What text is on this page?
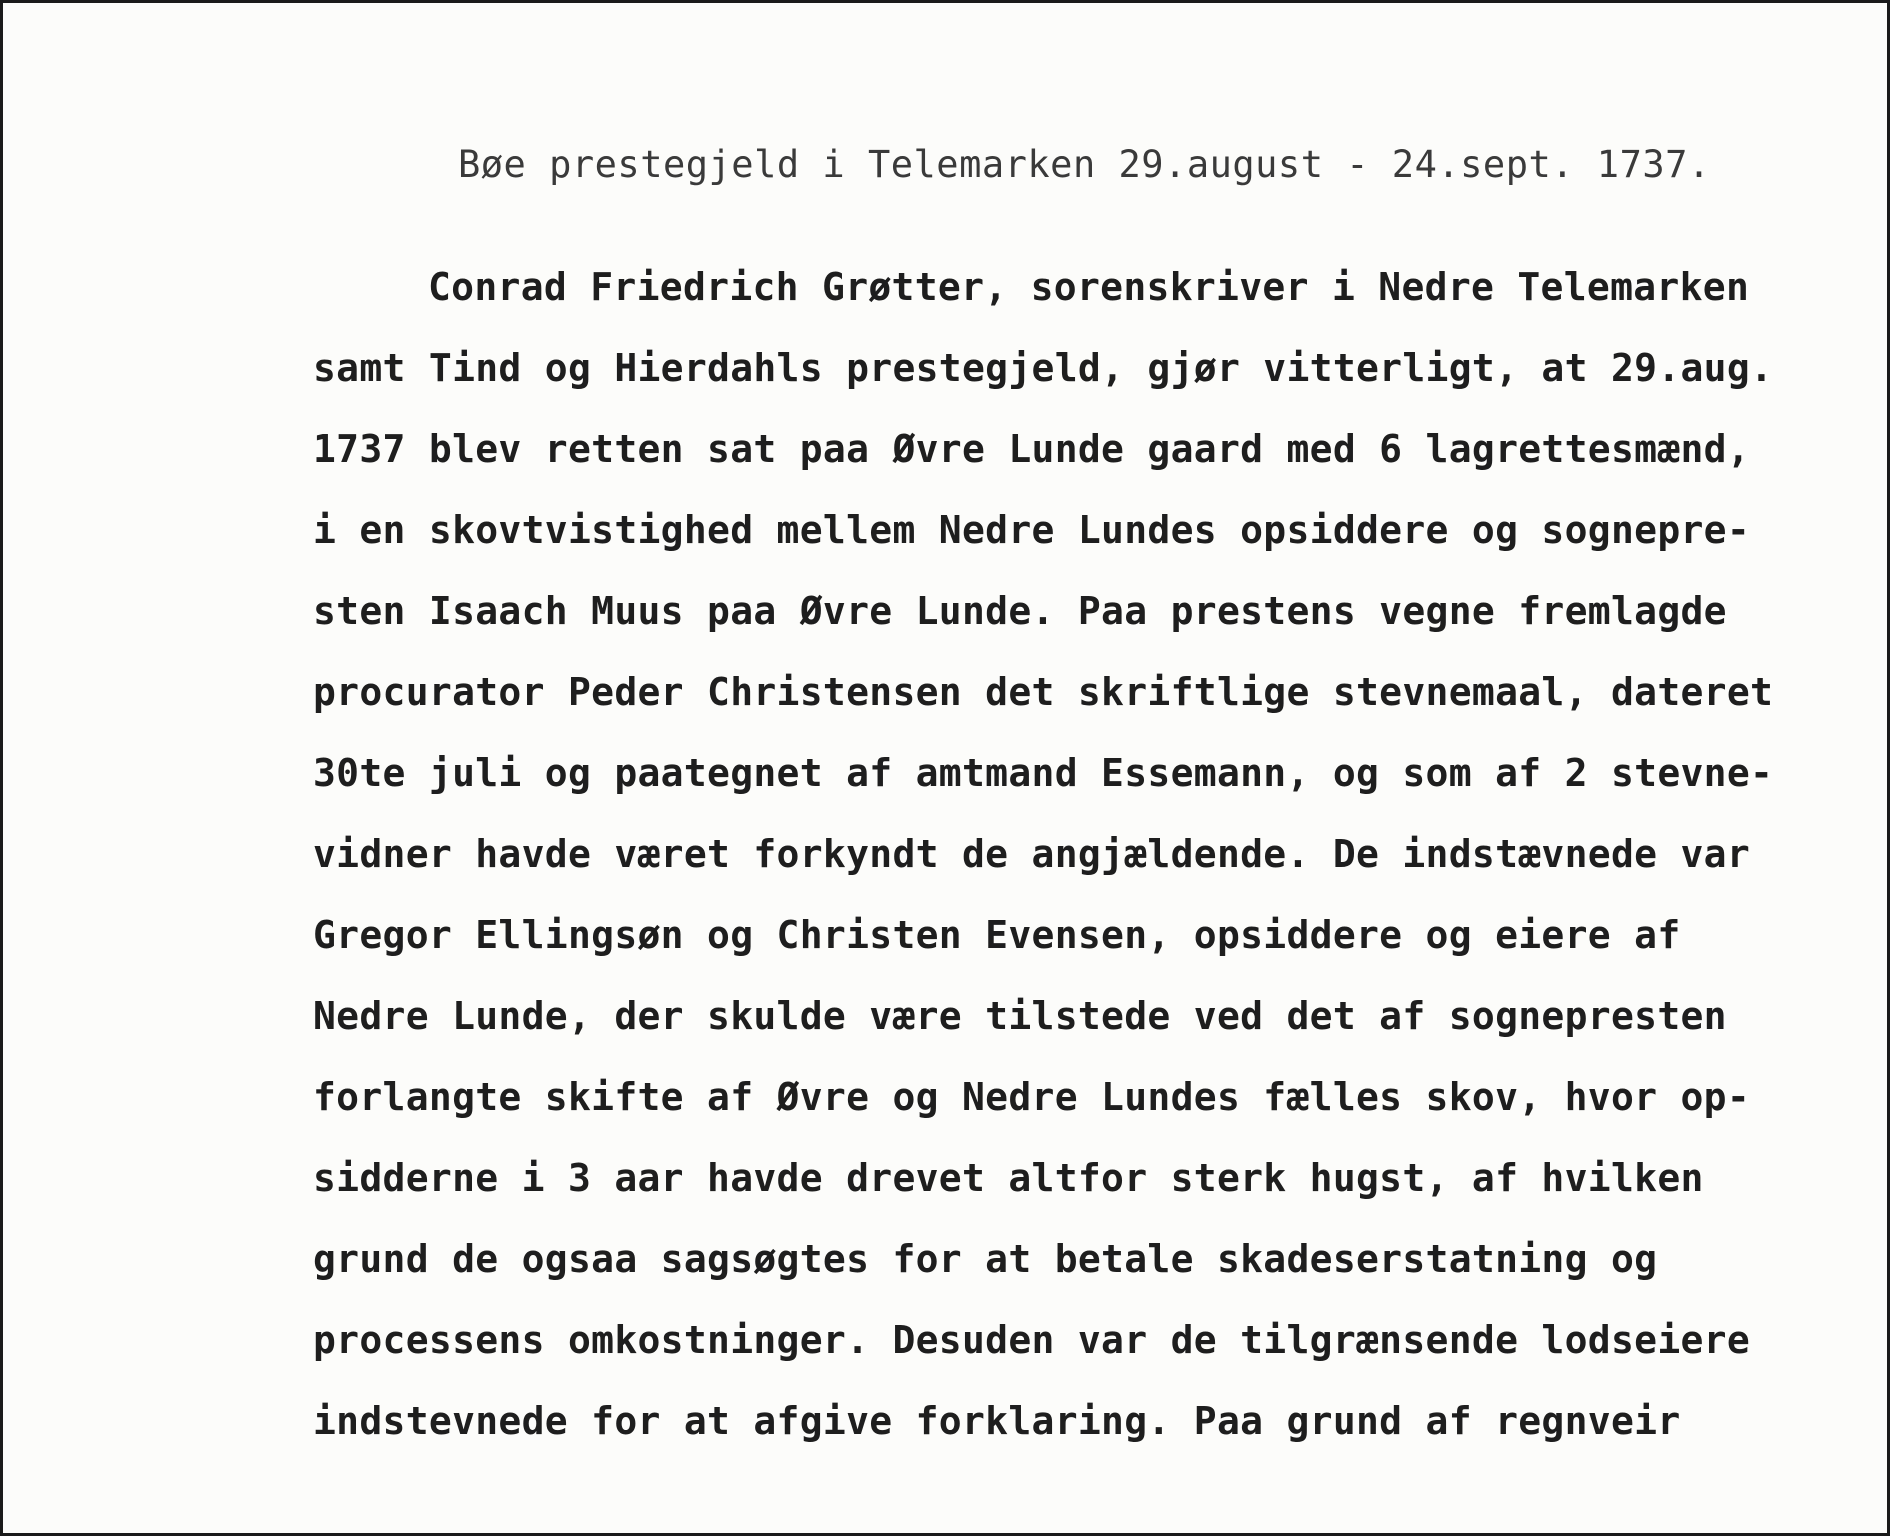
Bøe prestegjeld i Telemarken 29.august - 24.sept. 1737.
Conrad Friedrich Grøtter, sorenskriver i Nedre Telemarken
samt Tind og Hierdahls prestegjeld, gjør vitterligt, at 29.aug.
1737 blev retten sat paa Øvre Lunde gaard med 6 lagrettesmænd,
i en skovtvistighed mellem Nedre Lundes opsiddere og sognepre-
sten Isaach Muus paa Øvre Lunde. Paa prestens vegne fremlagde
procurator Peder Christensen det skriftlige stevnemaal, dateret
30te juli og paategnet af amtmand Essemann, og som af 2 stevne-
vidner havde været forkyndt de angjældende. De indstævnede var
Gregor Ellingsøn og Christen Evensen, opsiddere og eiere af
Nedre Lunde, der skulde være tilstede ved det af sognepresten
forlangte skifte af Øvre og Nedre Lundes fælles skov, hvor op-
sidderne i 3 aar havde drevet altfor sterk hugst, af hvilken
grund de ogsaa sagsøgtes for at betale skadeserstatning og
processens omkostninger. Desuden var de tilgrænsende lodseiere
indstevnede for at afgive forklaring. Paa grund af regnveir
